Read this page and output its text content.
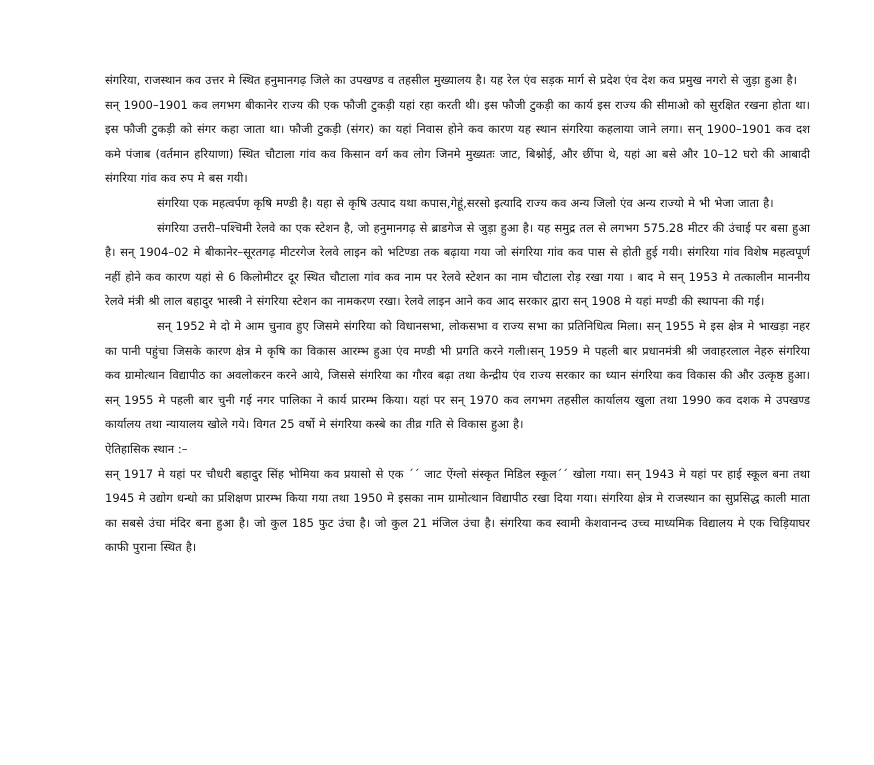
संगरिया, राजस्थान कव उत्तर मे स्थित हनुमानगढ़ जिले का उपखण्ड व तहसील मुख्यालय है। यह रेल एंव सड़क मार्ग से प्रदेश एंव देश कव प्रमुख नगरो से जुड़ा हुआ है।

सन् 1900–1901 कव लगभग बीकानेर राज्य की एक फौजी टुकड़ी यहां रहा करती थी। इस फौजी टुकड़ी का कार्य इस राज्य की सीमाओ को सुरक्षित रखना होता था। इस फौजी टुकड़ी को संगर कहा जाता था। फौजी टुकड़ी (संगर) का यहां निवास होने कव कारण यह स्थान संगरिया कहलाया जाने लगा। सन् 1900–1901 कव दश कमे पंजाब (वर्तमान हरियाणा) स्थित चौटाला गांव कव किसान वर्ग कव लोग जिनमे मुख्यतः जाट, बिश्नोई, और छींपा थे, यहां आ बसे और 10–12 घरो की आबादी संगरिया गांव कव रुप मे बस गयी।

संगरिया एक महत्वर्पण कृषि मण्डी है। यहा से कृषि उत्पाद यथा कपास,गेहूं,सरसो इत्यादि राज्य कव अन्य जिलो एंव अन्य राज्यो मे भी भेजा जाता है।

संगरिया उत्तरी–पश्चिमी रेलवे का एक स्टेशन है, जो हनुमानगढ़ से ब्राडगेज से जुड़ा हुआ है। यह समुद्र तल से लगभग 575.28 मीटर की उंचाई पर बसा हुआ है। सन् 1904–02 मे बीकानेर–सूरतगढ़ मीटरगेज रेलवे लाइन को भटिण्डा तक बढ़ाया गया जो संगरिया गांव कव पास से होती हुई गयी। संगरिया गांव विशेष महत्वपूर्ण नहीं होने कव कारण यहां से 6 किलोमीटर दूर स्थित चौटाला गांव कव नाम पर रेलवे स्टेशन का नाम चौटाला रोड़ रखा गया । बाद मे सन् 1953 मे तत्कालीन माननीय रेलवे मंत्री श्री लाल बहादुर भास्त्री ने संगरिया स्टेशन का नामकरण रखा। रेलवे लाइन आने कव आद सरकार द्वारा सन् 1908 मे यहां मण्डी की स्थापना की गई।

सन् 1952 मे दो मे आम चुनाव हुए जिसमे संगरिया को विधानसभा, लोकसभा व राज्य सभा का प्रतिनिधित्व मिला। सन् 1955 मे इस क्षेत्र मे भाखड़ा नहर का पानी पहुंचा जिसके कारण क्षेत्र मे कृषि का विकास आरम्भ हुआ एंव मण्डी भी प्रगति करने गली।सन् 1959 मे पहली बार प्रधानमंत्री श्री जवाहरलाल नेहरु संगरिया कव ग्रामोत्थान विद्यापीठ का अवलोकरन करने आये, जिससे संगरिया का गौरव बढ़ा तथा केन्द्रीय एंव राज्य सरकार का ध्यान संगरिया कव विकास की और उत्कृष्ठ हुआ। सन् 1955 मे पहली बार चुनी गई नगर पालिका ने कार्य प्रारम्भ किया। यहां पर सन् 1970 कव लगभग तहसील कार्यालय खुला तथा 1990 कव दशक मे उपखण्ड कार्यालय तथा न्यायालय खोले गये। विगत 25 वर्षो मे संगरिया कस्बे का तीव्र गति से विकास हुआ है।

ऐतिहासिक स्थान :–

सन् 1917 मे यहां पर चौधरी बहादुर सिंह भोमिया कव प्रयासो से एक ´´ जाट ऐंग्लो संस्कृत मिडिल स्कूल´´ खोला गया। सन् 1943 मे यहां पर हाई स्कूल बना तथा 1945 मे उद्योग धन्धो का प्रशिक्षण प्रारम्भ किया गया तथा 1950 मे इसका नाम ग्रामोत्थान विद्यापीठ रखा दिया गया। संगरिया क्षेत्र मे राजस्थान का सुप्रसिद्ध काली माता का सबसे उंचा मंदिर बना हुआ है। जो कुल 185 फुट उंचा है। जो कुल 21 मंजिल उंचा है। संगरिया कव स्वामी केशवानन्द उच्च माध्यमिक विद्यालय मे एक चिड़ियाघर काफी पुराना स्थित है।
